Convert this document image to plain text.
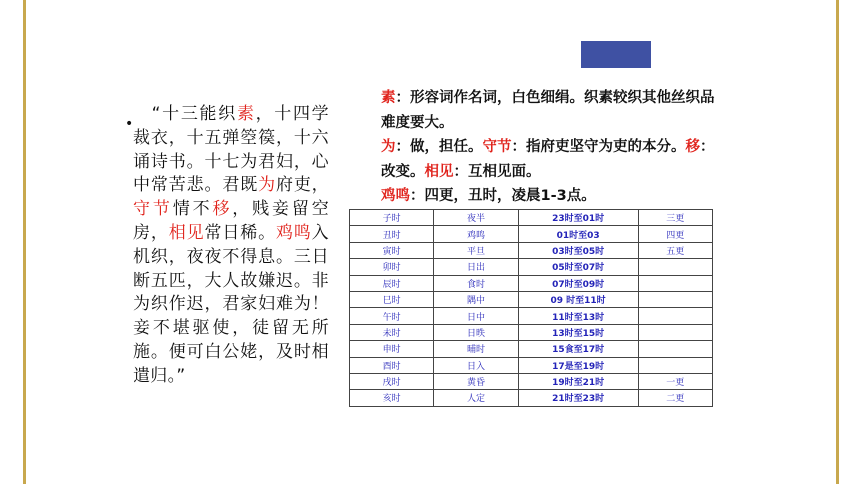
• 　“十三能织素，十四学裁衣，十五弹箜篌，十六诵诗书。十七为君妇，心中常苦悲。君既为府吏，守节情不移，贱妾留空房，相见常日稀。鸡鸣入机织，夜夜不得息。三日断五匹，大人故嫌迟。非为织作迟，君家妇难为！妾不堪驱使，徒留无所施。便可白公姥，及时相遣归。”

素：形容词作名词，白色细绢。织素较织其他丝织品难度要大。

为：做，担任。守节：指府吏坚守为吏的本分。移：改变。相见：互相见面。

鸡鸣：四更，丑时，凌晨1-3点。

子时	夜半	23时至01时	三更
丑时	鸡鸣	01时至03	四更
寅时	平旦	03时至05时	五更
卯时	日出	05时至07时	
辰时	食时	07时至09时	
巳时	隅中	09 时至11时	
午时	日中	11时至13时	
未时	日昳	13时至15时	
申时	晡时	15食至17时	
酉时	日入	17是至19时	
戌时	黄昏	19时至21时	一更
亥时	人定	21时至23时	二更
